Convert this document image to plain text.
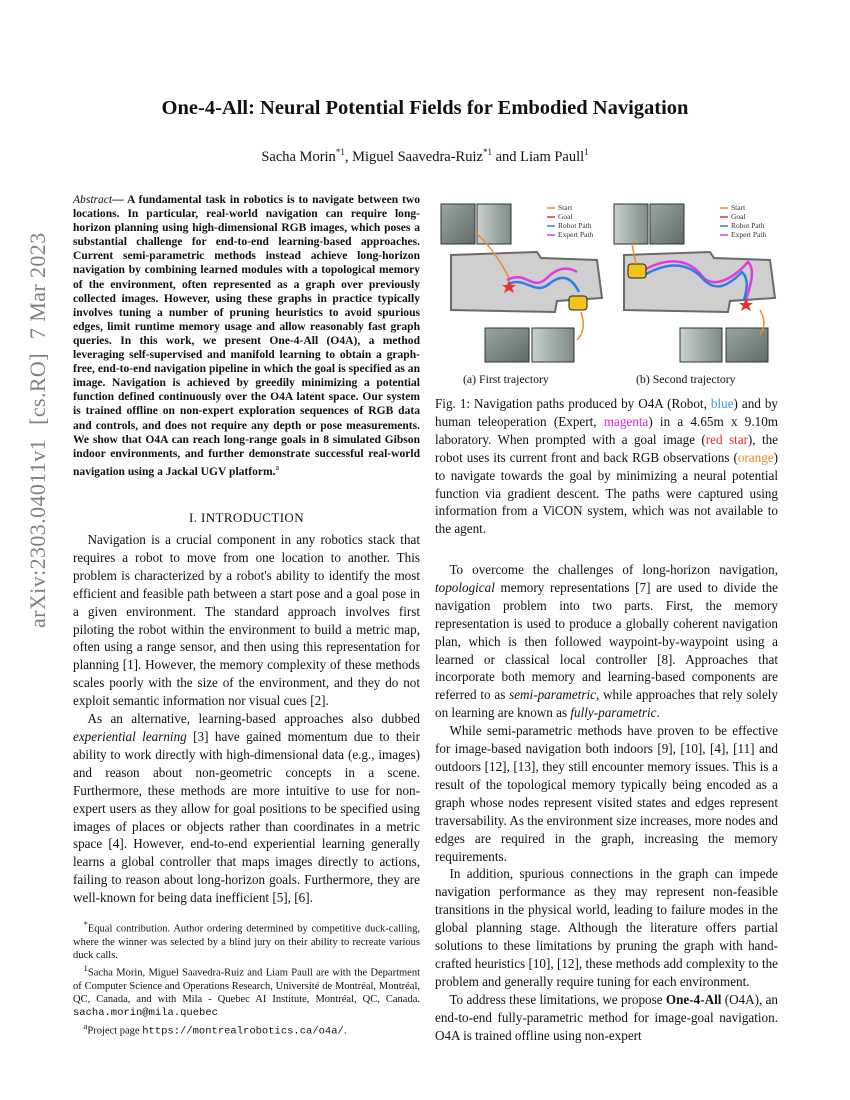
One-4-All: Neural Potential Fields for Embodied Navigation
Sacha Morin$^{*1}$, Miguel Saavedra-Ruiz$^{*1}$ and Liam Paull$^1$
arXiv:2303.04011v1[cs.RO]7 Mar 2023
Abstract— A fundamental task in robotics is to navigate between two locations. In particular, real-world navigation can require long-horizon planning using high-dimensional RGB images, which poses a substantial challenge for end-to-end learning-based approaches. Current semi-parametric methods instead achieve long-horizon navigation by combining learned modules with a topological memory of the environment, often represented as a graph over previously collected images. However, using these graphs in practice typically involves tuning a number of pruning heuristics to avoid spurious edges, limit runtime memory usage and allow reasonably fast graph queries. In this work, we present One-4-All (O4A), a method leveraging self-supervised and manifold learning to obtain a graph-free, end-to-end navigation pipeline in which the goal is specified as an image. Navigation is achieved by greedily minimizing a potential function defined continuously over the O4A latent space. Our system is trained offline on non-expert exploration sequences of RGB data and controls, and does not require any depth or pose measurements. We show that O4A can reach long-range goals in 8 simulated Gibson indoor environments, and further demonstrate successful real-world navigation using a Jackal UGV platform.$^a$
I. INTRODUCTION

Navigation is a crucial component in any robotics stack that requires a robot to move from one location to another. This problem is characterized by a robot's ability to identify the most efficient and feasible path between a start pose and a goal pose in a given environment. The standard approach involves first piloting the robot within the environment to build a metric map, often using a range sensor, and then using this representation for planning [1]. However, the memory complexity of these methods scales poorly with the size of the environment, and they do not exploit semantic information nor visual cues [2].

As an alternative, learning-based approaches also dubbed experiential learning [3] have gained momentum due to their ability to work directly with high-dimensional data (e.g., images) and reason about non-geometric concepts in a scene. Furthermore, these methods are more intuitive to use for non-expert users as they allow for goal positions to be specified using images of places or objects rather than coordinates in a metric space [4]. However, end-to-end experiential learning generally learns a global controller that maps images directly to actions, failing to reason about long-horizon goals. Furthermore, they are well-known for being data inefficient [5], [6].

*Equal contribution. Author ordering determined by competitive duck-calling, where the winner was selected by a blind jury on their ability to recreate various duck calls.

$^1$Sacha Morin, Miguel Saavedra-Ruiz and Liam Paull are with the Department of Computer Science and Operations Research, Université de Montréal, Montréal, QC, Canada, and with Mila - Quebec AI Institute, Montréal, QC, Canada. sacha.morin@mila.quebec

$^a$Project page https://montrealrobotics.ca/o4a/.

Start
Goal
Robot Path
Expert Path
Start
Goal
Robot Path
Expert Path
(a) First trajectory	(b) Second trajectory
Fig. 1: Navigation paths produced by O4A (Robot, blue) and by human teleoperation (Expert, magenta) in a 4.65m x 9.10m laboratory. When prompted with a goal image (red star), the robot uses its current front and back RGB observations (orange) to navigate towards the goal by minimizing a neural potential function via gradient descent. The paths were captured using information from a ViCON system, which was not available to the agent.

To overcome the challenges of long-horizon navigation, topological memory representations [7] are used to divide the navigation problem into two parts. First, the memory representation is used to produce a globally coherent navigation plan, which is then followed waypoint-by-waypoint using a learned or classical local controller [8]. Approaches that incorporate both memory and learning-based components are referred to as semi-parametric, while approaches that rely solely on learning are known as fully-parametric.

While semi-parametric methods have proven to be effective for image-based navigation both indoors [9], [10], [4], [11] and outdoors [12], [13], they still encounter memory issues. This is a result of the topological memory typically being encoded as a graph whose nodes represent visited states and edges represent traversability. As the environment size increases, more nodes and edges are required in the graph, increasing the memory requirements.

In addition, spurious connections in the graph can impede navigation performance as they may represent non-feasible transitions in the physical world, leading to failure modes in the global planning stage. Although the literature offers partial solutions to these limitations by pruning the graph with hand-crafted heuristics [10], [12], these methods add complexity to the problem and generally require tuning for each environment.

To address these limitations, we propose One-4-All (O4A), an end-to-end fully-parametric method for image-goal navigation. O4A is trained offline using non-expert
